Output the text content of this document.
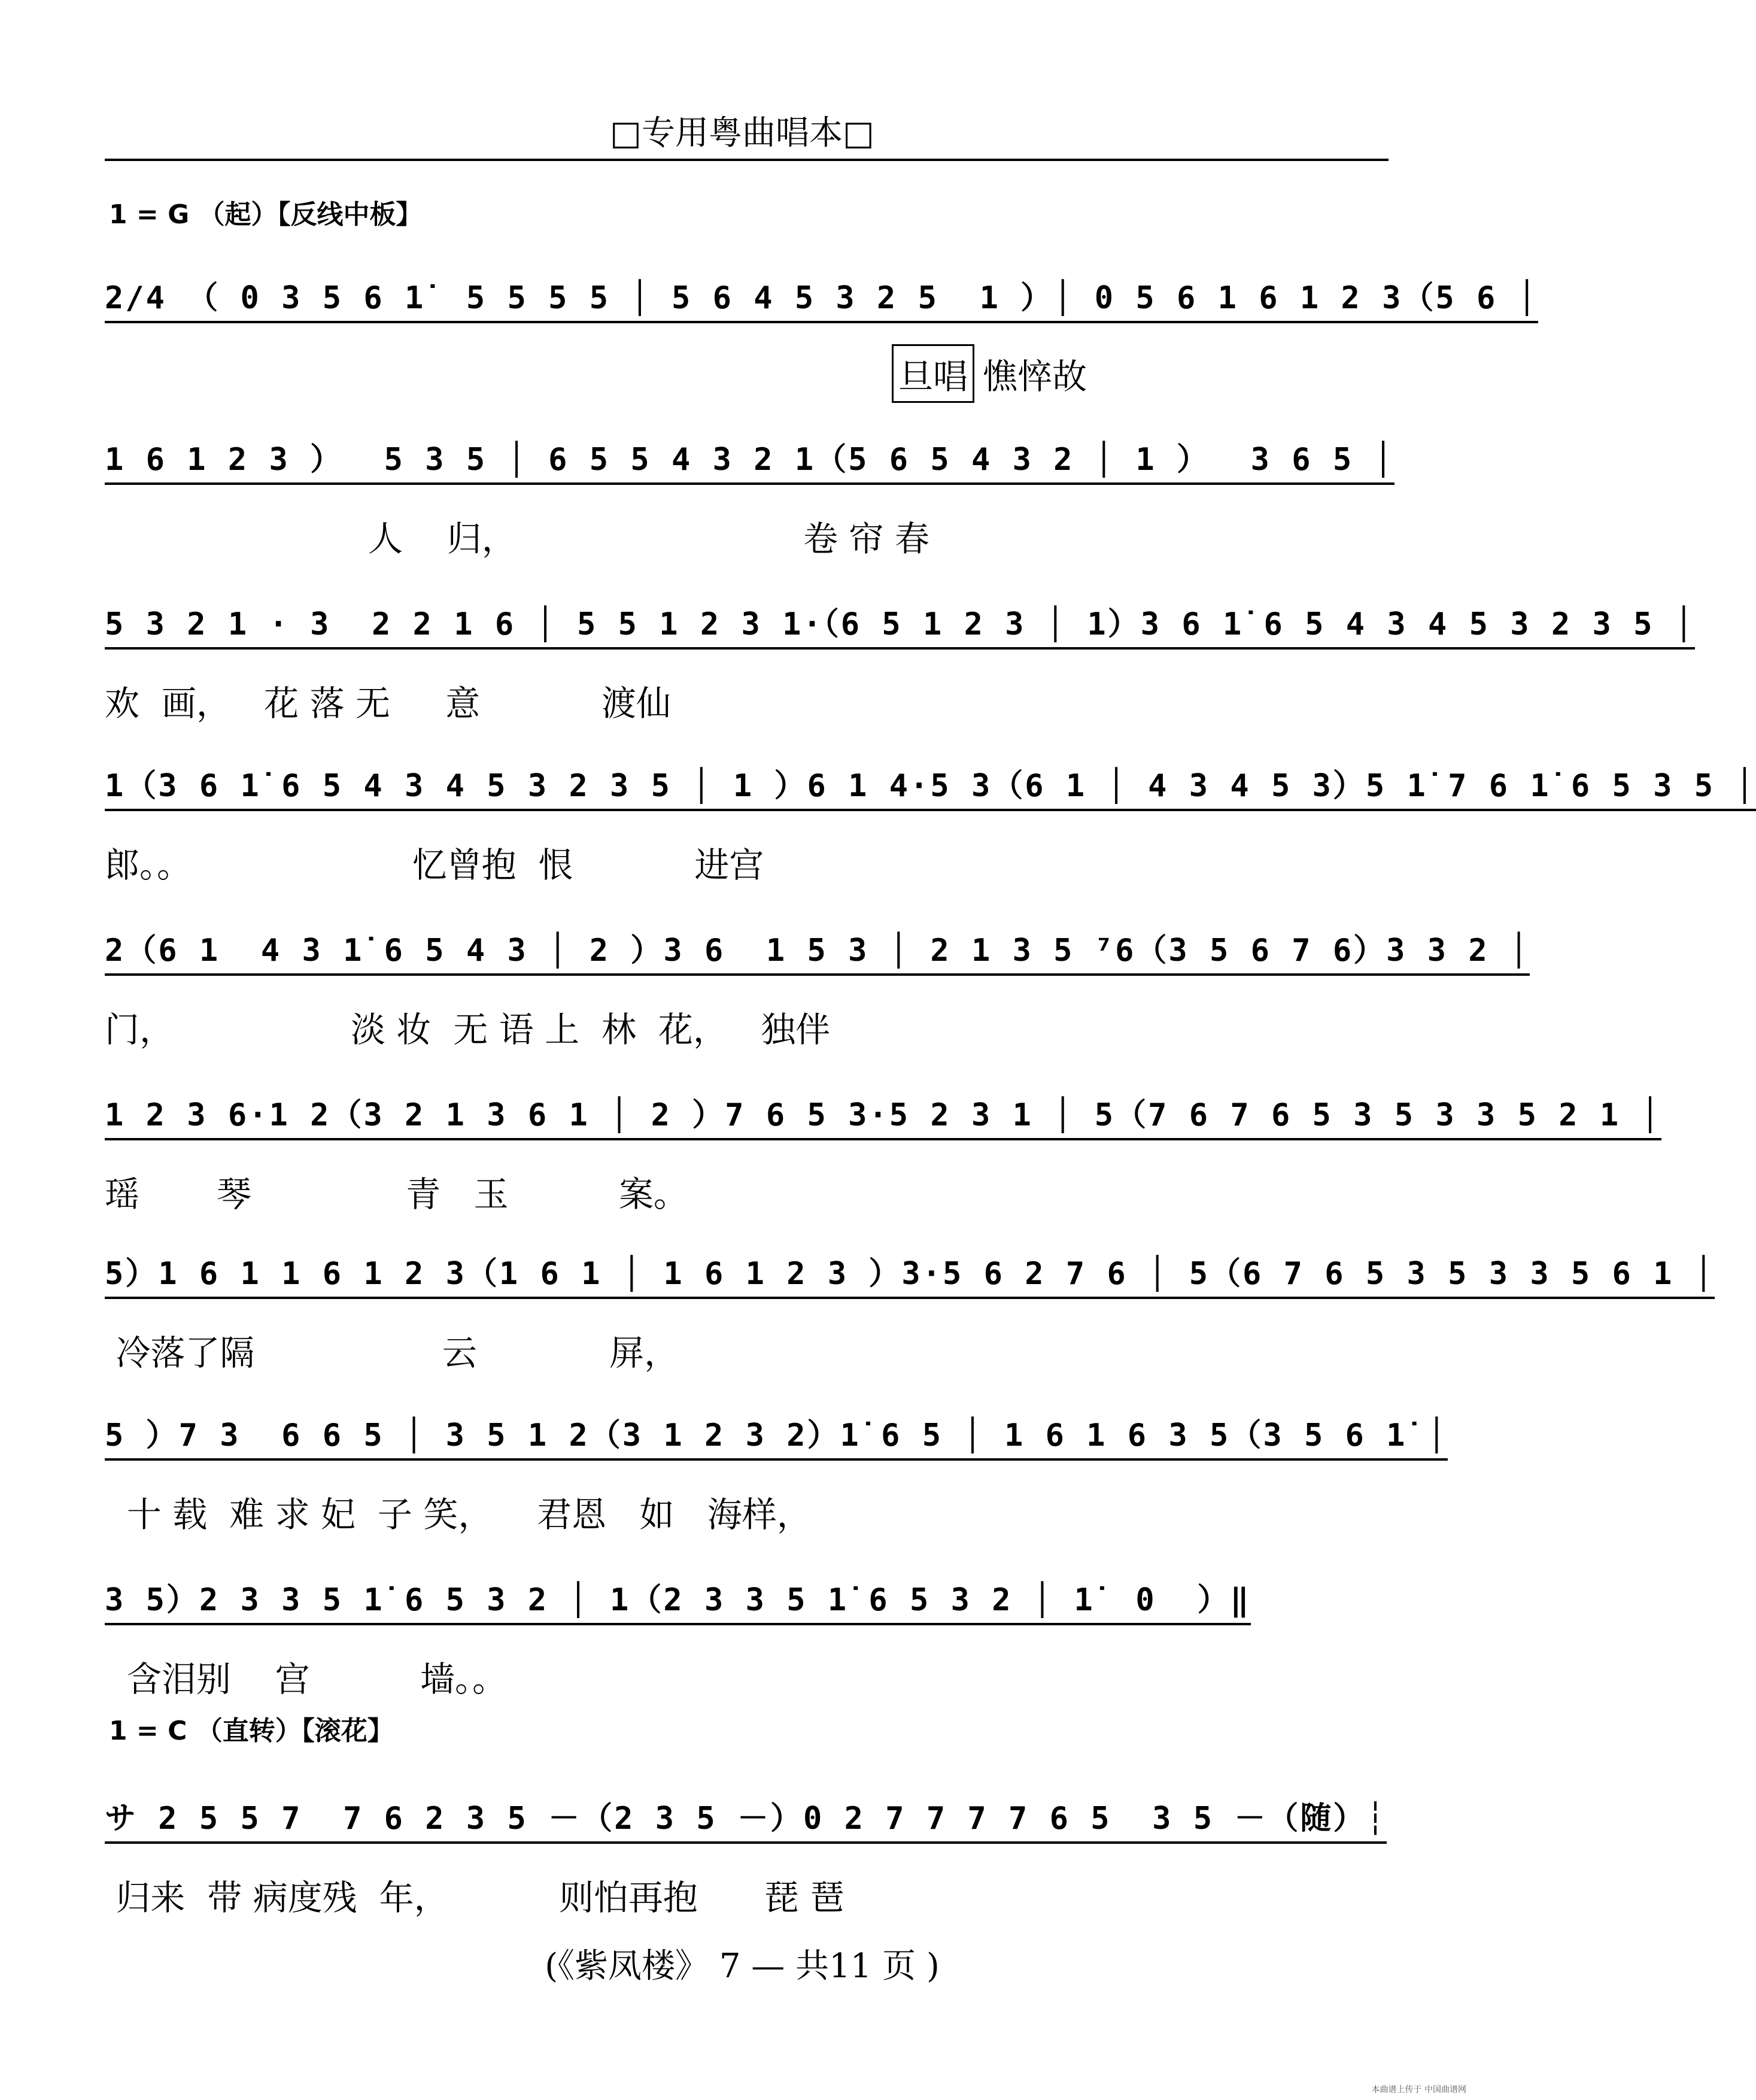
□专用粤曲唱本□
1 = G （起）【反线中板】
2/4 （ 0 3 5 6 1̇  5 5 5 5 │ 5 6 4 5 3 2 5  1 ）│ 0 5 6 1 6 1 2 3（5 6 │
旦唱 憔悴故
1 6 1 2 3 ）  5 3 5 │ 6 5 5 4 3 2 1（5 6 5 4 3 2 │ 1 ）  3 6 5 │
人    归，                          卷 帘 春
5 3 2 1 · 3  2 2 1 6 │ 5 5 1 2 3 1·（6 5 1 2 3 │ 1）3 6 1̇ 6 5 4 3 4 5 3 2 3 5 │
欢  画，   花 落 无     意           渡仙
1（3 6 1̇ 6 5 4 3 4 5 3 2 3 5 │ 1 ）6 1 4·5 3（6 1 │ 4 3 4 5 3）5 1̇ 7 6 1̇ 6 5 3 5 │
郎。。                    忆曾抱  恨           进宫
2（6 1  4 3 1̇ 6 5 4 3 │ 2 ）3 6  1 5 3 │ 2 1 3 5 ⁷6（3 5 6 7 6）3 3 2 │
门，                淡 妆  无 语 上  林  花，   独伴
1 2 3 6·1 2（3 2 1 3 6 1 │ 2 ）7 6 5 3·5 2 3 1 │ 5（7 6 7 6 5 3 5 3 3 5 2 1 │
瑶       琴              青   玉          案。
5）1 6 1 1 6 1 2 3（1 6 1 │ 1 6 1 2 3 ）3·5 6 2 7 6 │ 5（6 7 6 5 3 5 3 3 5 6 1 │
冷落了隔                 云            屏，
5 ）7 3  6 6 5 │ 3 5 1 2（3 1 2 3 2）1̇ 6 5 │ 1 6 1 6 3 5（3 5 6 1̇ │
十 载  难 求 妃  子 笑，    君恩   如   海样，
3 5）2 3 3 5 1̇ 6 5 3 2 │ 1（2 3 3 5 1̇ 6 5 3 2 │ 1̇  0  ）‖
含泪别    宫          墙。。
1 = C （直转）【滚花】
サ 2 5 5 7  7 6 2 3 5 －（2 3 5 －）0 2 7 7 7 7 6 5  3 5 －（随）┆
归来  带 病度残  年，          则怕再抱      琵 琶
(《紫凤楼》 7 — 共11 页 )
本曲谱上传于 中国曲谱网
